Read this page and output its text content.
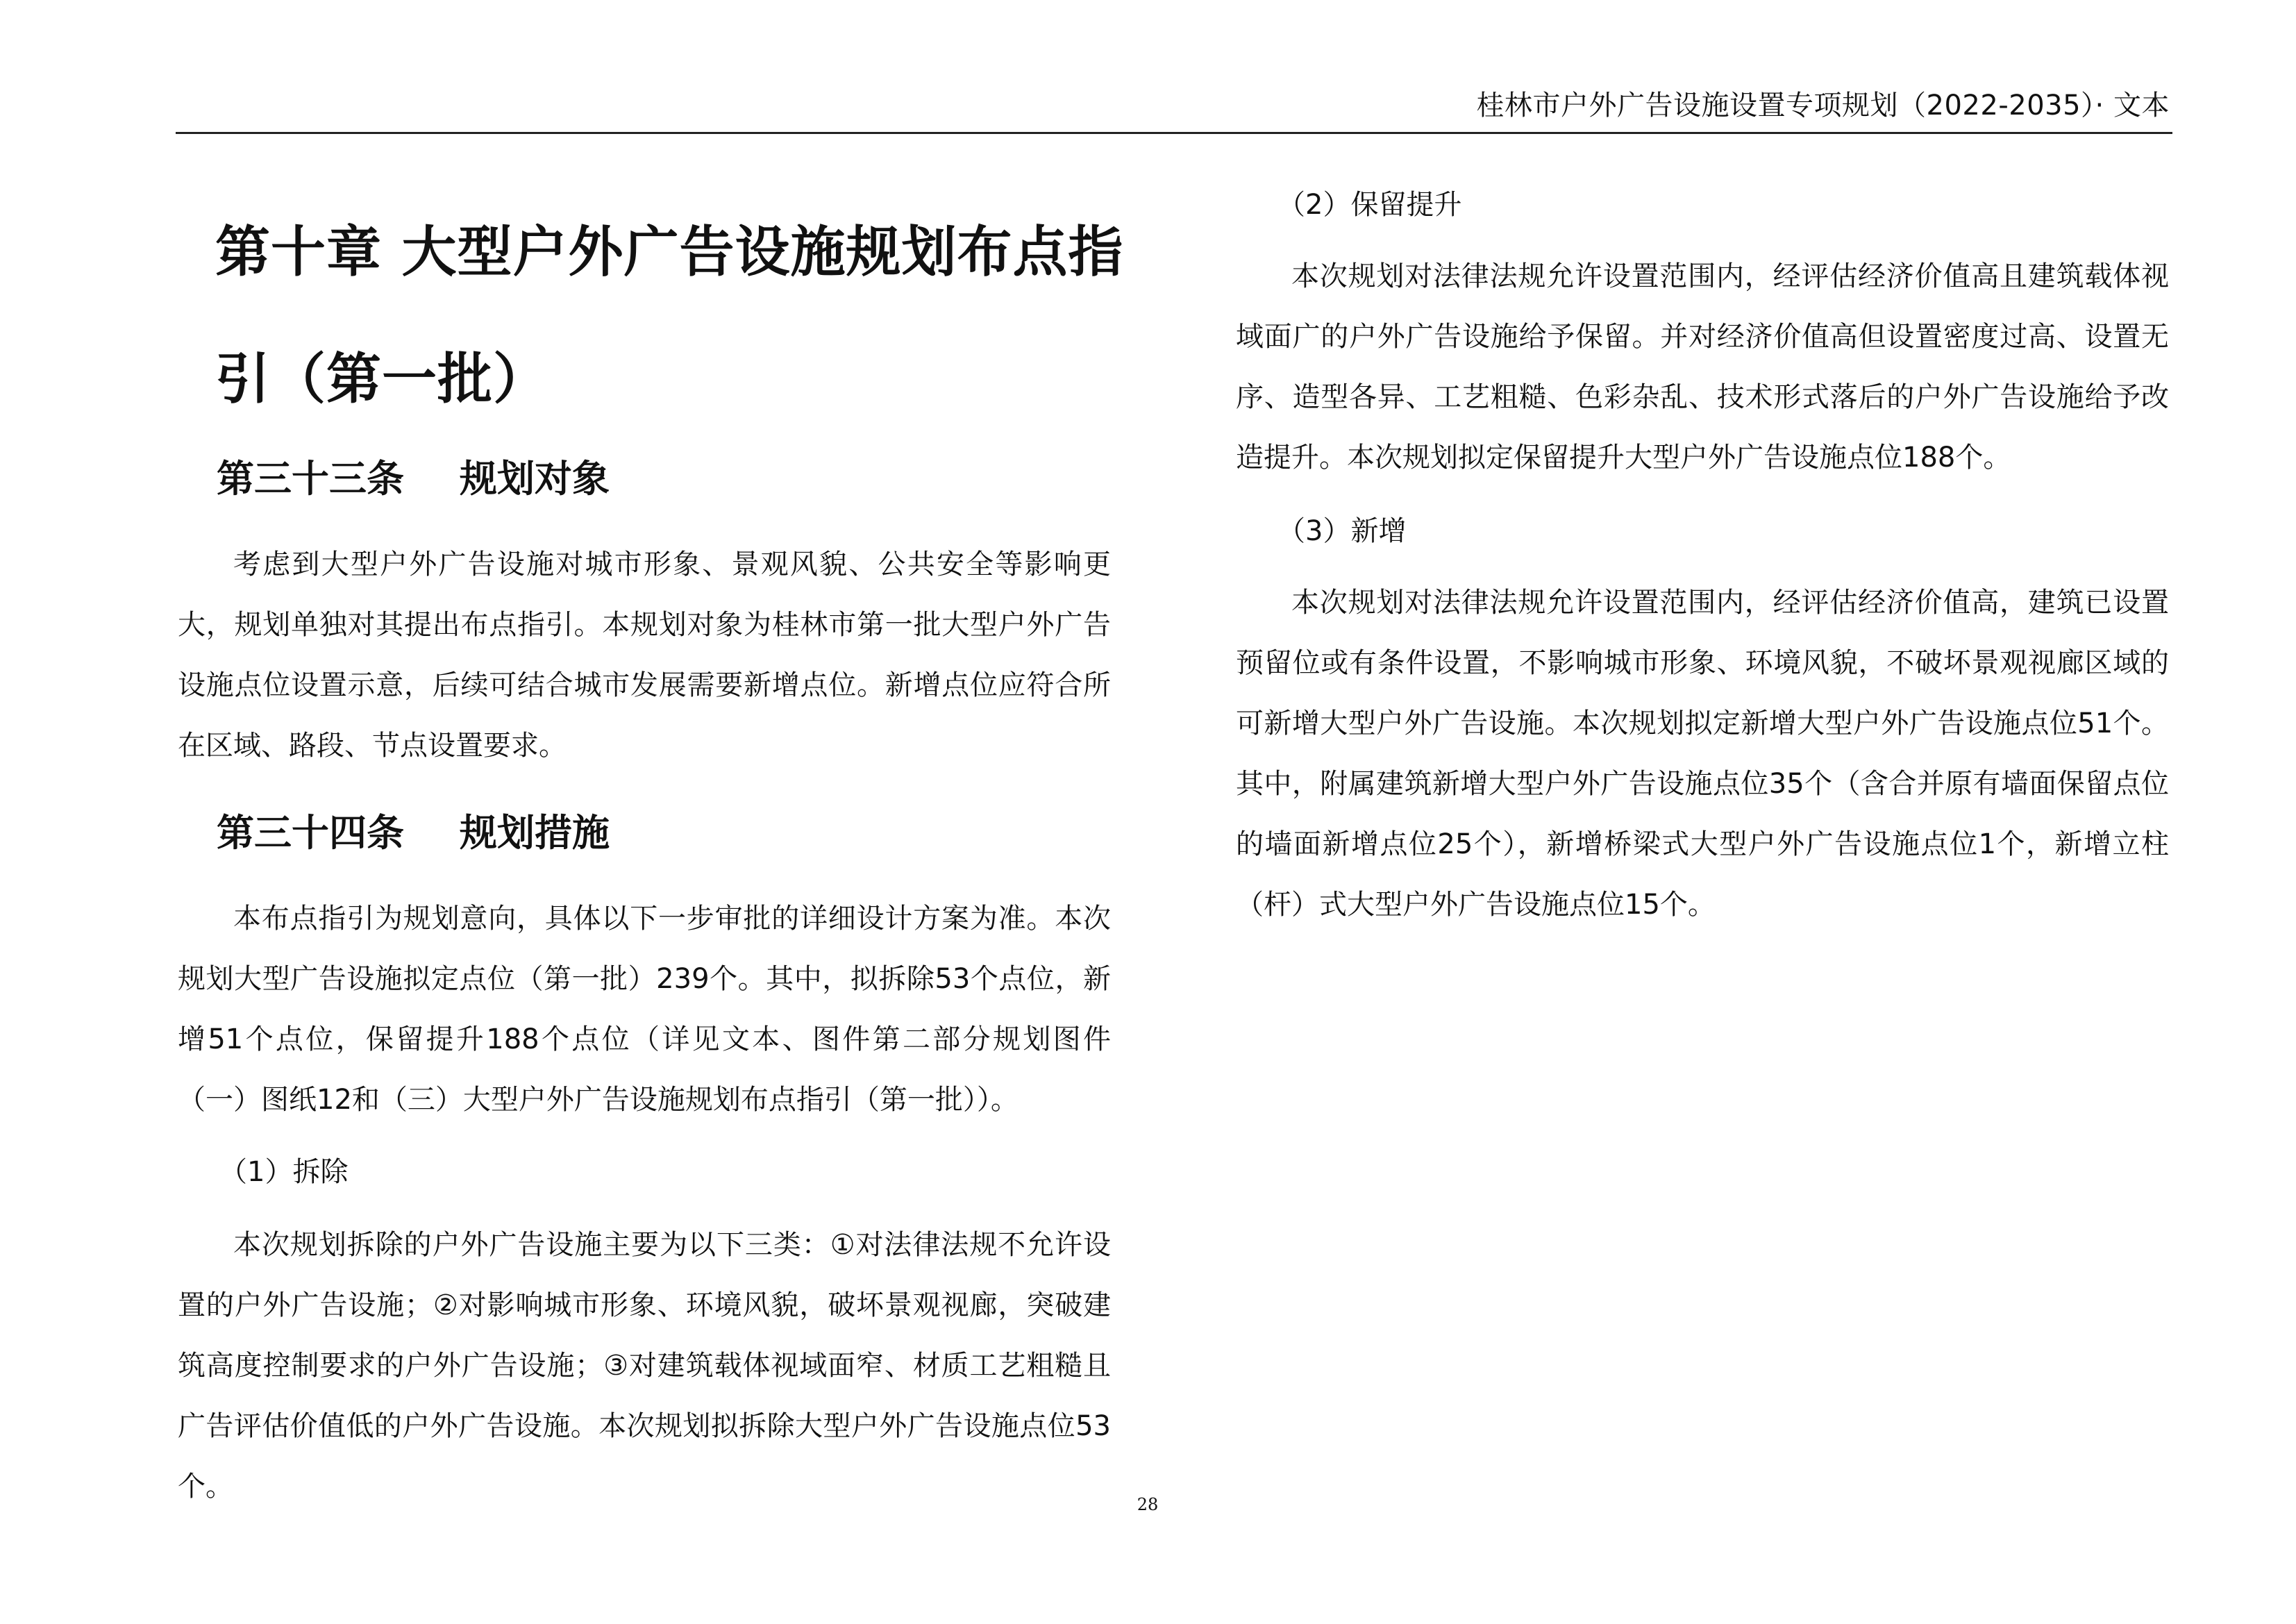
桂林市户外广告设施设置专项规划（2022-2035）· 文本
第十章 大型户外广告设施规划布点指引（第一批）
第三十三条 规划对象

考虑到大型户外广告设施对城市形象、景观风貌、公共安全等影响更大，规划单独对其提出布点指引。本规划对象为桂林市第一批大型户外广告设施点位设置示意，后续可结合城市发展需要新增点位。新增点位应符合所在区域、路段、节点设置要求。

第三十四条 规划措施

本布点指引为规划意向，具体以下一步审批的详细设计方案为准。本次规划大型广告设施拟定点位（第一批）239个。其中，拟拆除53个点位，新增51个点位，保留提升188个点位（详见文本、图件第二部分规划图件（一）图纸12和（三）大型户外广告设施规划布点指引（第一批））。

（1）拆除

本次规划拆除的户外广告设施主要为以下三类：①对法律法规不允许设置的户外广告设施；②对影响城市形象、环境风貌，破坏景观视廊，突破建筑高度控制要求的户外广告设施；③对建筑载体视域面窄、材质工艺粗糙且广告评估价值低的户外广告设施。本次规划拟拆除大型户外广告设施点位53个。

（2）保留提升

本次规划对法律法规允许设置范围内，经评估经济价值高且建筑载体视域面广的户外广告设施给予保留。并对经济价值高但设置密度过高、设置无序、造型各异、工艺粗糙、色彩杂乱、技术形式落后的户外广告设施给予改造提升。本次规划拟定保留提升大型户外广告设施点位188个。

（3）新增

本次规划对法律法规允许设置范围内，经评估经济价值高，建筑已设置预留位或有条件设置，不影响城市形象、环境风貌，不破坏景观视廊区域的可新增大型户外广告设施。本次规划拟定新增大型户外广告设施点位51个。其中，附属建筑新增大型户外广告设施点位35个（含合并原有墙面保留点位的墙面新增点位25个），新增桥梁式大型户外广告设施点位1个，新增立柱（杆）式大型户外广告设施点位15个。

28
